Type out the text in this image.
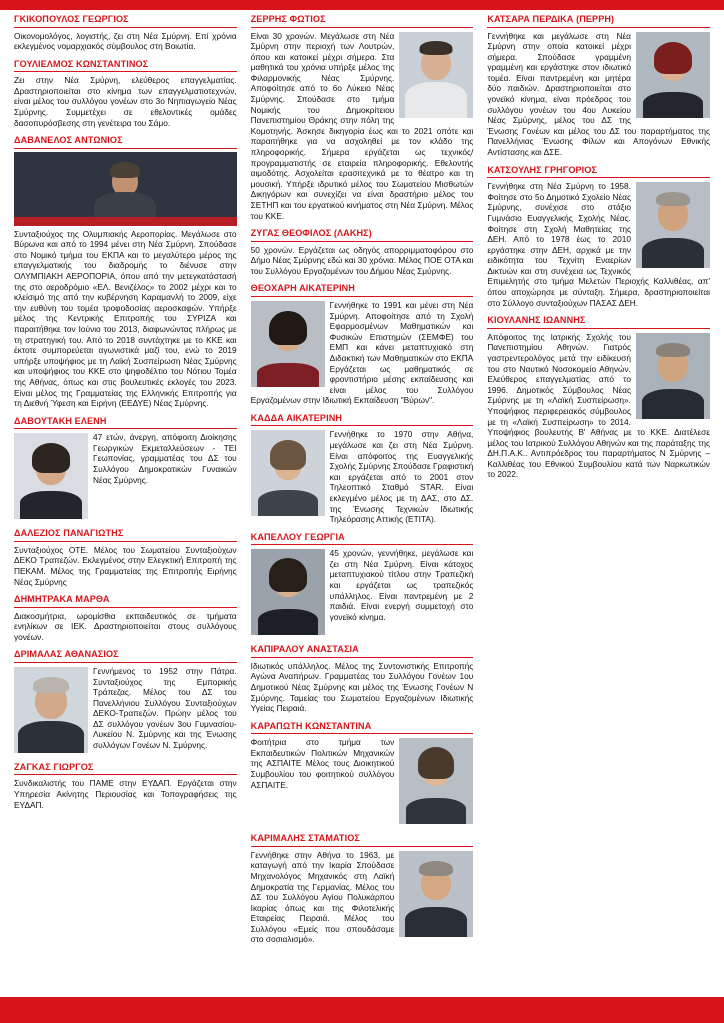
ΓΚΙΚΟΠΟΥΛΟΣ ΓΕΩΡΓΙΟΣ
Οικονομολόγος, λογιστής, ζει στη Νέα Σμύρνη. Επί χρόνια εκλεγμένος νομαρχιακός σύμβουλος στη Βοιωτία.
ΓΟΥΛΙΕΛΜΟΣ ΚΩΝΣΤΑΝΤΙΝΟΣ
Ζει στην Νέα Σμύρνη, ελεύθερος επαγγελματίας. Δραστηριοποιείται στο κίνημα των επαγγελματιοτεχνών, είναι μέλος του συλλόγου γονέων στο 3ο Νηπιαγωγείο Νέας Σμύρνης. Συμμετέχει σε εθελοντικές ομάδες δασοπυρόσβεσης στη γενέτειρα του Σάμο.
ΔΑΒΑΝΕΛΟΣ ΑΝΤΩΝΙΟΣ
Συνταξιούχος της Ολυμπιακής Αεροπορίας. Μεγάλωσε στο Βύρωνα και από το 1994 μένει στη Νέα Σμύρνη. Σπούδασε στο Νομικό τμήμα του ΕΚΠΑ και το μεγαλύτερο μέρος της επαγγελματικής του διαδρομής το διένυσε στην ΟΛΥΜΠΙΑΚΗ ΑΕΡΟΠΟΡΙΑ, όπου από την μετεγκατάστασή της στο αεροδρόμιο «ΕΛ. Βενιζέλος» το 2002 μέχρι και το κλείσιμό της από την κυβέρνηση Καραμανλή το 2009, είχε την ευθύνη του τομέα τροφοδοσίας αεροσκαφών. Υπήρξε μέλος της Κεντρικής Επιτροπής του ΣΥΡΙΖΑ και παραιτήθηκε τον Ιούνιο του 2013, διαφωνώντας πλήρως με τη στρατηγική του. Από το 2018 συντάχτηκε με το ΚΚΕ και έκτοτε συμπορεύεται αγωνιστικά μαζί του, ενώ το 2019 υπήρξε υποψήφιος με τη Λαϊκή Συσπείρωση Νέας Σμύρνης και υποψήφιος του ΚΚΕ στο ψηφοδέλτιο του Νότιου Τομέα της Αθήνας, όπως και στις βουλευτικές εκλογές του 2023. Είναι μέλος της Γραμματείας της Ελληνικής Επιτροπής για τη Διεθνή Ύφεση και Ειρήνη (ΕΕΔΥΕ) Νέας Σμύρνης.
ΔΑΒΟΥΤΑΚΗ ΕΛΕΝΗ
47 ετών, άνεργη, απόφοιτη Διοίκησης Γεωργικών Εκμεταλλεύσεων - ΤΕΙ Γεωπονίας, γραμματέας του ΔΣ του Συλλόγου Δημοκρατικών Γυναικών Νέας Σμύρνης.
ΔΑΛΕΖΙΟΣ ΠΑΝΑΓΙΩΤΗΣ
Συνταξιούχος ΟΤΕ. Μέλος του Σωματείου Συνταξιούχων ΔΕΚΟ Τραπεζών. Εκλεγμένος στην Ελεγκτική Επιτροπή της ΠΕΚΑΜ. Μέλος της Γραμματείας της Επιτροπής Ειρήνης Νέας Σμύρνης
ΔΗΜΗΤΡΑΚΑ ΜΑΡΘΑ
Διακοσμήτρια, ωρομίσθια εκπαιδευτικός σε τμήματα ενηλίκων σε ΙΕΚ. Δραστηριοποιείται στους συλλόγους γονέων.
ΔΡΙΜΑΛΑΣ ΑΘΑΝΑΣΙΟΣ
Γεννήμενος το 1952 στην Πάτρα. Συνταξιούχος της Εμπορικής Τράπεζας. Μέλος του ΔΣ του Πανελλήνιου Συλλόγου Συνταξιούχων ΔΕΚΟ-Τραπεζών. Πρώην μέλος του ΔΣ συλλόγου γονέων 3ου Γυμνασίου-Λυκείου Ν. Σμύρνης και της Ένωσης συλλόγων Γονέων Ν. Σμύρνης.
ΖΑΓΚΑΣ ΓΙΩΡΓΟΣ
Συνδικαλιστής του ΠΑΜΕ στην ΕΥΔΑΠ. Εργάζεται στην Υπηρεσία Ακίνητης Περιουσίας και Τοπογραφήσεις της ΕΥΔΑΠ.
ΖΕΡΡΗΣ ΦΩΤΙΟΣ
Είναι 30 χρονών. Μεγάλωσε στη Νέα Σμύρνη στην περιοχή των Λουτρών, όπου και κατοικεί μέχρι σήμερα. Στα μαθητικά του χρόνια υπήρξε μέλος της Φιλαρμονικής Νέας Σμύρνης. Αποφοίτησε από το 6ο Λύκειο Νέας Σμύρνης. Σπούδασε στο τμήμα Νομικής του Δημοκρίτειου Πανεπιστημίου Θράκης στην πόλη της Κομοτηνής. Άσκησε δικηγορία έως και το 2021 οπότε και παραιτήθηκε για να ασχοληθεί με τον κλάδο της πληροφορικής. Σήμερα εργάζεται ως τεχνικός/προγραμματιστής σε εταιρεία πληροφορικής. Εθελοντής αιμοδότης. Ασχολείται ερασιτεχνικά με το θέατρο και τη μουσική. Υπήρξε ιδρυτικό μέλος του Σωματείου Μισθωτών Δικηγόρων και συνεχίζει να είναι δραστήριο μέλος του ΣΕΤΗΠ και του εργατικού κινήματος στη Νέα Σμύρνη. Μέλος του ΚΚΕ.
ΖΥΓΑΣ ΘΕΟΦΙΛΟΣ (ΛΑΚΗΣ)
50 χρονών. Εργάζεται ως οδηγός απορριμματοφόρου στο Δήμο Νέας Σμύρνης εδώ και 30 χρόνια. Μέλος ΠΟΕ ΟΤΑ και του Συλλόγου Εργαζομένων του Δήμου Νέας Σμύρνης.
ΘΕΟΧΑΡΗ ΑΙΚΑΤΕΡΙΝΗ
Γεννήθηκε το 1991 και μένει στη Νέα Σμύρνη. Αποφοίτησε από τη Σχολή Εφαρμοσμένων Μαθηματικών και Φυσικών Επιστημών (ΣΕΜΦΕ) του ΕΜΠ και κάνει μεταπτυχιακό στη Διδακτική των Μαθηματικών στο ΕΚΠΑ Εργάζεται ως μαθηματικός σε φροντιστήριο μέσης εκπαίδευσης και είναι μέλος του Συλλόγου Εργαζομένων στην Ιδιωτική Εκπαίδευση "Βύρων".
ΚΑΔΔΑ ΑΙΚΑΤΕΡΙΝΗ
Γεννήθηκε το 1970 στην Αθήνα, μεγάλωσε και ζει στη Νέα Σμύρνη. Είναι απόφοιτος της Ευαγγελικής Σχολής Σμύρνης Σπούδασε Γραφιστική και εργάζεται από το 2001 στον Τηλεοπτικό Σταθμό STAR. Είναι εκλεγμένο μέλος με τη ΔΑΣ, στο ΔΣ. της Ένωσης Τεχνικών Ιδιωτικής Τηλεόρασης Αττικής (ΕΤΙΤΑ).
ΚΑΠΕΛΛΟΥ ΓΕΩΡΓΙΑ
45 χρονών, γεννήθηκε, μεγάλωσε και ζει στη Νέα Σμύρνη. Είναι κάτοχος μεταπτυχιακού τίτλου στην Τραπεζική και εργάζεται ως τραπεζικός υπάλληλος. Είναι παντρεμένη με 2 παιδιά. Είναι ενεργή συμμετοχή στο γονεϊκό κίνημα.
ΚΑΠΙΡΑΛΟΥ ΑΝΑΣΤΑΣΙΑ
Ιδιωτικός υπάλληλος. Μέλος της Συντονιστικής Επιτροπής Αγώνα Αναπήρων. Γραμματέας του Συλλόγου Γονέων 1ου Δημοτικού Νέας Σμύρνης και μέλος της Ένωσης Γονέων Ν Σμύρνης. Ταμείας του Σωματείου Εργαζομένων Ιδιωτικής Υγείας Πειραιά.
ΚΑΡΑΠΩΤΗ ΚΩΝΣΤΑΝΤΙΝΑ
Φοιτήτρια στο τμήμα των Εκπαιδευτικών Πολιτικών Μηχανικών της ΑΣΠΑΙΤΕ Μέλος τους Διοικητικού Συμβουλίου του φοιτητικού συλλόγου ΑΣΠΑΙΤΕ.
ΚΑΡΙΜΑΛΗΣ ΣΤΑΜΑΤΙΟΣ
Γεννήθηκε στην Αθήνα το 1963, με καταγωγή από την Ικαρία Σπούδασε Μηχανολόγος Μηχανικός στη Λαϊκή Δημοκρατία της Γερμανίας. Μέλος του ΔΣ του Συλλόγου Αγίου Πολυκάρπου Ικαρίας όπως και της Φιλοτελικής Εταιρείας Πειραιά. Μέλος του Συλλόγου «Εμείς που σπουδάσαμε στο σοσιαλισμό».
ΚΑΤΣΑΡΑ ΠΕΡΔΙΚΑ (ΠΕΡΡΗ)
Γεννήθηκε και μεγάλωσε στη Νέα Σμύρνη στην οποία κατοικεί μέχρι σήμερα. Σπούδασε γραμμένη γραμμένη και εργάστηκε στον ιδιωτικό τομέα. Είναι παντρεμένη και μητέρα δύο παιδιών. Δραστηριοποιείται στο γονεϊκό κίνημα, είναι πρόεδρος του συλλόγου γονέων του 4ου Λυκείου Νέας Σμύρνης, μέλος του ΔΣ της Ένωσης Γονέων και μέλος του ΔΣ του παραρτήματος της Πανελλήνιας Ένωσης Φίλων και Απογόνων Εθνικής Αντίστασης και ΔΣΕ.
ΚΑΤΣΟΥΛΗΣ ΓΡΗΓΟΡΙΟΣ
Γεννήθηκε στη Νέα Σμύρνη το 1958. Φοίτησε στο 5ο Δημοτικό Σχολείο Νέας Σμύρνης, συνέχισε στο στάξιο Γυμνάσιο Ευαγγελικής Σχολής Νέας. Φοίτησε στη Σχολή Μαθητείας της ΔΕΗ. Από το 1978 έως το 2010 εργάστηκε στην ΔΕΗ, αρχικά με την ειδικότητα του Τεχνίτη Εναερίων Δικτυών και στη συνέχεια ως Τεχνικός Επιμελητής στο τμήμα Μελετών Περιοχής Καλλιθέας, απ' όπου αποχώρησε με σύνταξη. Σήμερα, δραστηριοποιείται στο Σύλλογο συνταξιούχων ΠΑΣΑΣ ΔΕΗ.
ΚΙΟΥΛΑΝΗΣ ΙΩΑΝΝΗΣ
Απόφοιτος της Ιατρικής Σχολής του Πανεπιστημίου Αθηνών. Γιατρός γαστρεντερολόγος μετά την ειδίκευσή του στο Ναυτικό Νοσοκομείο Αθηνών. Ελεύθερος επαγγελματίας από το 1996. Δημοτικός Σύμβουλος Νέας Σμύρνης με τη «Λαϊκή Συσπείρωση». Υποψήφιος περιφερειακός σύμβουλος με τη «Λαϊκή Συσπείρωση» το 2014. Υποψήφιος βουλευτής Β' Αθήνας με το ΚΚΕ. Διατέλεσε μέλος του Ιατρικού Συλλόγου Αθηνών και της παράταξης της ΔΗ.Π.Α.Κ.. Αντιπρόεδρος του παραρτήματος Ν Σμύρνης – Καλλιθέας του Εθνικού Συμβουλίου κατά των Ναρκωτικών το 2022.
